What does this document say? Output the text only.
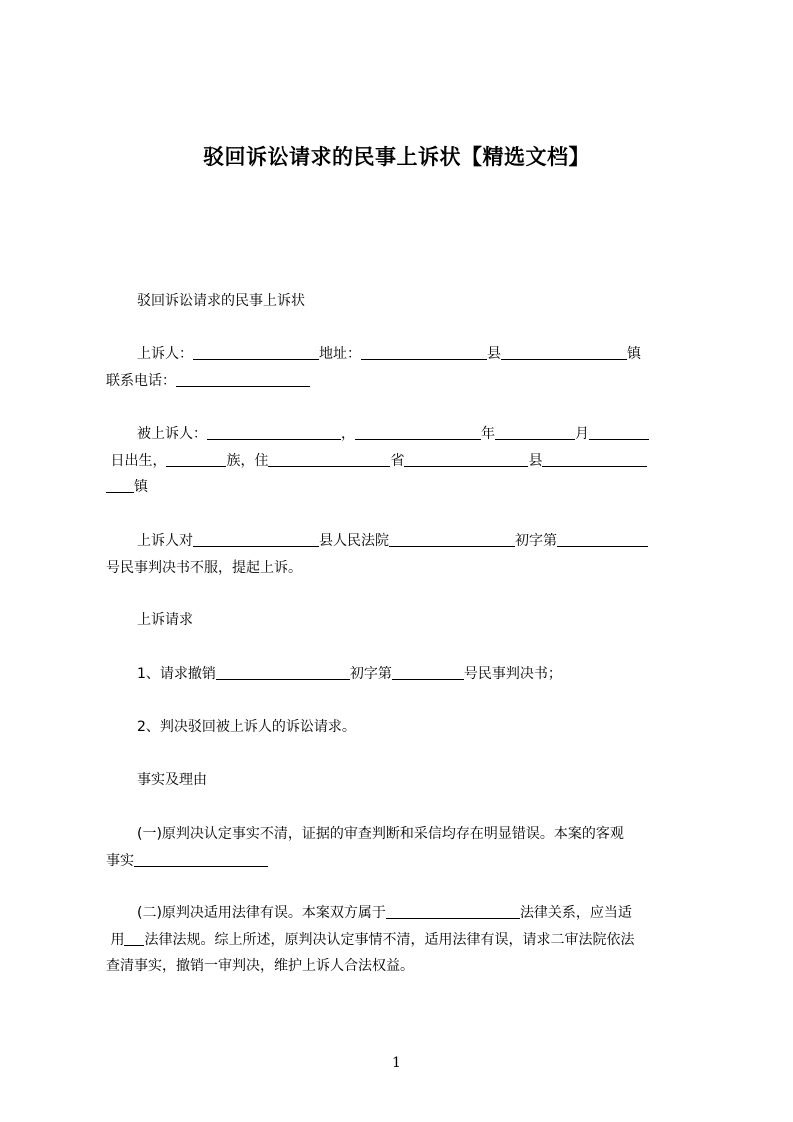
驳回诉讼请求的民事上诉状【精选文档】
驳回诉讼请求的民事上诉状
上诉人：	地址：	县	镇
联系电话：
被上诉人：	，	年	月
日出生，	族，住	省	县
镇
上诉人对	县人民法院	初字第
号民事判决书不服，提起上诉。
上诉请求
1、请求撤销	初字第	号民事判决书；
2、判决驳回被上诉人的诉讼请求。
事实及理由
(一)原判决认定事实不清，证据的审查判断和采信均存在明显错误。本案的客观
事实
(二)原判决适用法律有误。本案双方属于	法律关系，应当适
用 法律法规。综上所述，原判决认定事情不清，适用法律有误，请求二审法院依法
查清事实，撤销一审判决，维护上诉人合法权益。
1
